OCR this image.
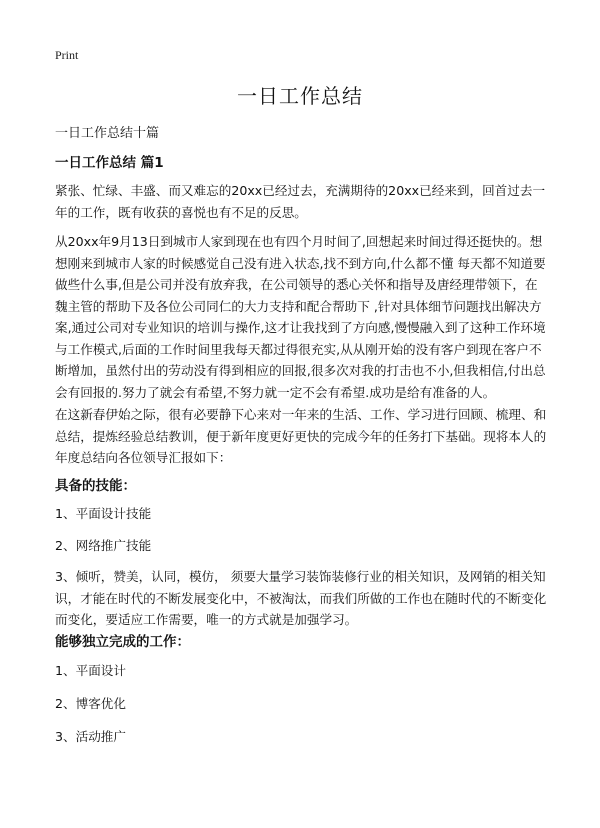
Print
一日工作总结
一日工作总结十篇
一日工作总结 篇1

紧张、忙绿、丰盛、而又难忘的20xx已经过去，充满期待的20xx已经来到，回首过去一年的工作，既有收获的喜悦也有不足的反思。

从20xx年9月13日到城市人家到现在也有四个月时间了,回想起来时间过得还挺快的。想想刚来到城市人家的时候感觉自己没有进入状态,找不到方向,什么都不懂 每天都不知道要做些什么事,但是公司并没有放弃我，在公司领导的悉心关怀和指导及唐经理带领下，在魏主管的帮助下及各位公司同仁的大力支持和配合帮助下 ,针对具体细节问题找出解决方案,通过公司对专业知识的培训与操作,这才让我找到了方向感,慢慢融入到了这种工作环境与工作模式,后面的工作时间里我每天都过得很充实,从从刚开始的没有客户到现在客户不断增加，虽然付出的劳动没有得到相应的回报,很多次对我的打击也不小,但我相信,付出总会有回报的.努力了就会有希望,不努力就一定不会有希望.成功是给有准备的人。

在这新春伊始之际，很有必要静下心来对一年来的生活、工作、学习进行回顾、梳理、和总结，提炼经验总结教训，便于新年度更好更快的完成今年的任务打下基础。现将本人的年度总结向各位领导汇报如下：

具备的技能：
1、平面设计技能
2、网络推广技能

3、倾听，赞美，认同，模仿， 须要大量学习装饰装修行业的相关知识，及网销的相关知识，才能在时代的不断发展变化中，不被淘汰，而我们所做的工作也在随时代的不断变化而变化，要适应工作需要，唯一的方式就是加强学习。

能够独立完成的工作：
1、平面设计
2、博客优化
3、活动推广
